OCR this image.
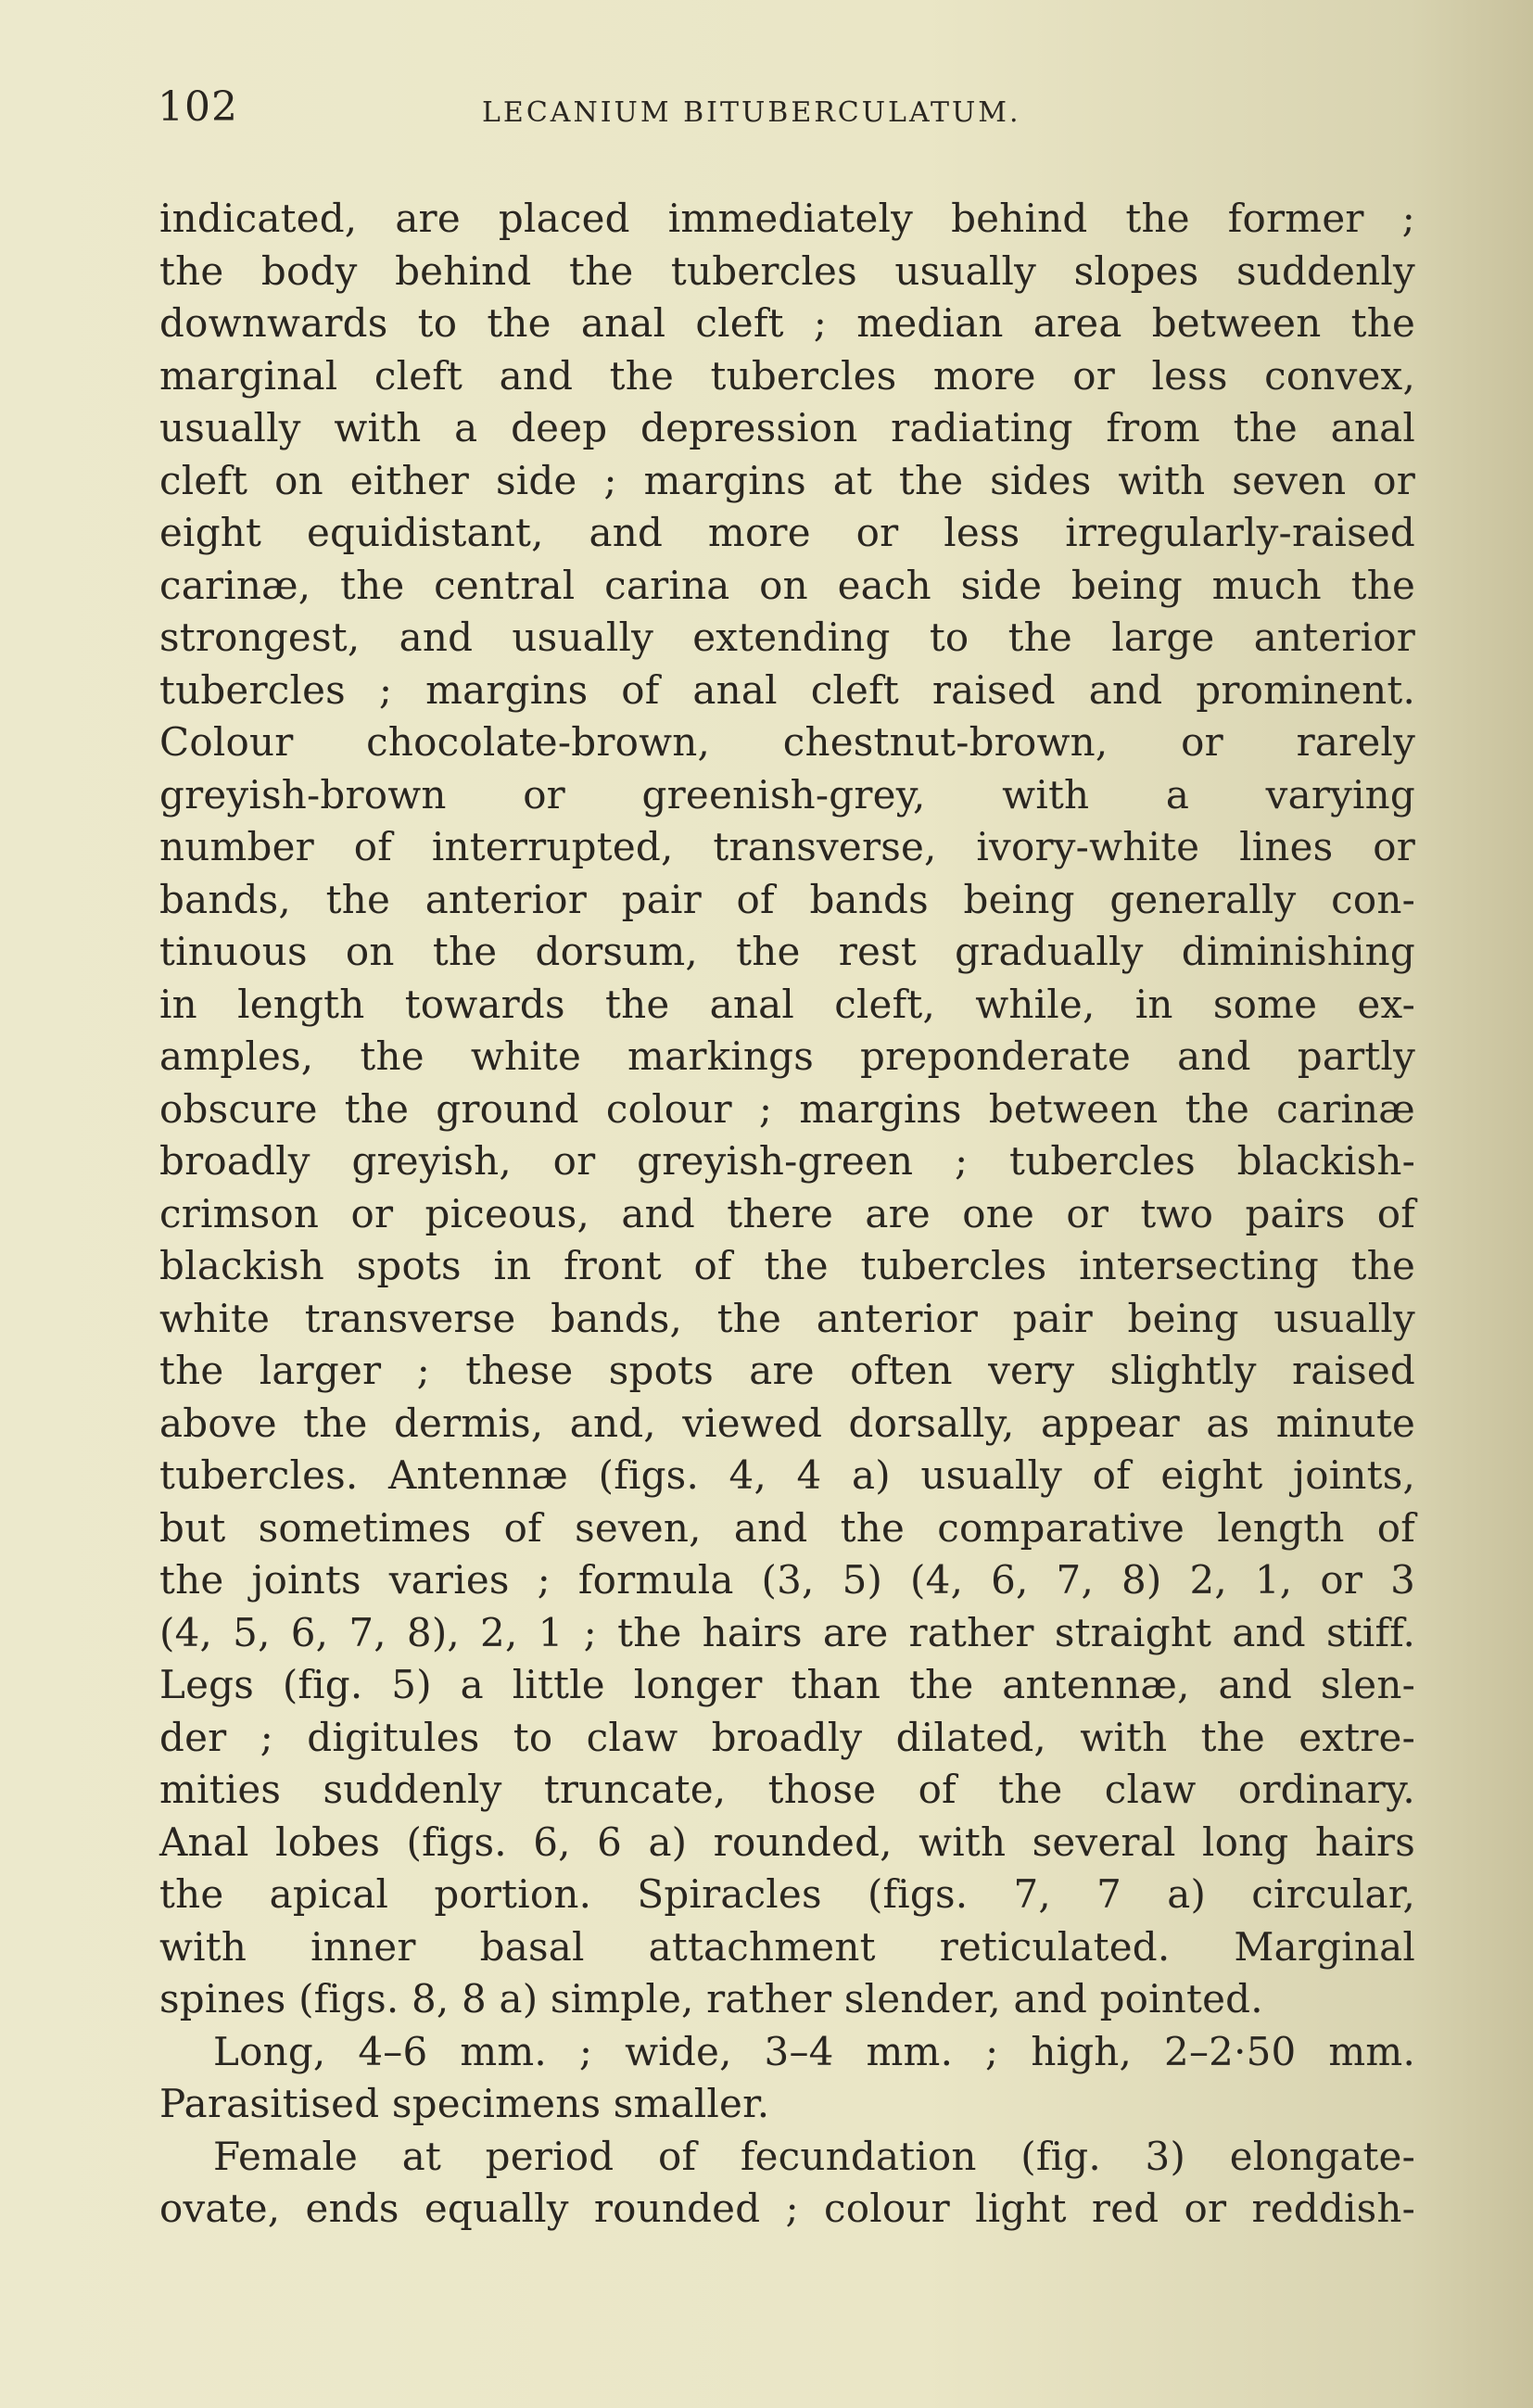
102	LECANIUM BITUBERCULATUM.
indicated, are placed immediately behind the former ;
the body behind the tubercles usually slopes suddenly
downwards to the anal cleft ; median area between the
marginal cleft and the tubercles more or less convex,
usually with a deep depression radiating from the anal
cleft on either side ; margins at the sides with seven or
eight equidistant, and more or less irregularly-raised
carinæ, the central carina on each side being much the
strongest, and usually extending to the large anterior
tubercles ; margins of anal cleft raised and prominent.
Colour chocolate-brown, chestnut-brown, or rarely
greyish-brown or greenish-grey, with a varying
number of interrupted, transverse, ivory-white lines or
bands, the anterior pair of bands being generally con-
tinuous on the dorsum, the rest gradually diminishing
in length towards the anal cleft, while, in some ex-
amples, the white markings preponderate and partly
obscure the ground colour ; margins between the carinæ
broadly greyish, or greyish-green ; tubercles blackish-
crimson or piceous, and there are one or two pairs of
blackish spots in front of the tubercles intersecting the
white transverse bands, the anterior pair being usually
the larger ; these spots are often very slightly raised
above the dermis, and, viewed dorsally, appear as minute
tubercles. Antennæ (figs. 4, 4 a) usually of eight joints,
but sometimes of seven, and the comparative length of
the joints varies ; formula (3, 5) (4, 6, 7, 8) 2, 1, or 3
(4, 5, 6, 7, 8), 2, 1 ; the hairs are rather straight and stiff.
Legs (fig. 5) a little longer than the antennæ, and slen-
der ; digitules to claw broadly dilated, with the extre-
mities suddenly truncate, those of the claw ordinary.
Anal lobes (figs. 6, 6 a) rounded, with several long hairs
the apical portion. Spiracles (figs. 7, 7 a) circular,
with inner basal attachment reticulated. Marginal
spines (figs. 8, 8 a) simple, rather slender, and pointed.
Long, 4–6 mm. ; wide, 3–4 mm. ; high, 2–2·50 mm.
Parasitised specimens smaller.
Female at period of fecundation (fig. 3) elongate-
ovate, ends equally rounded ; colour light red or reddish-
